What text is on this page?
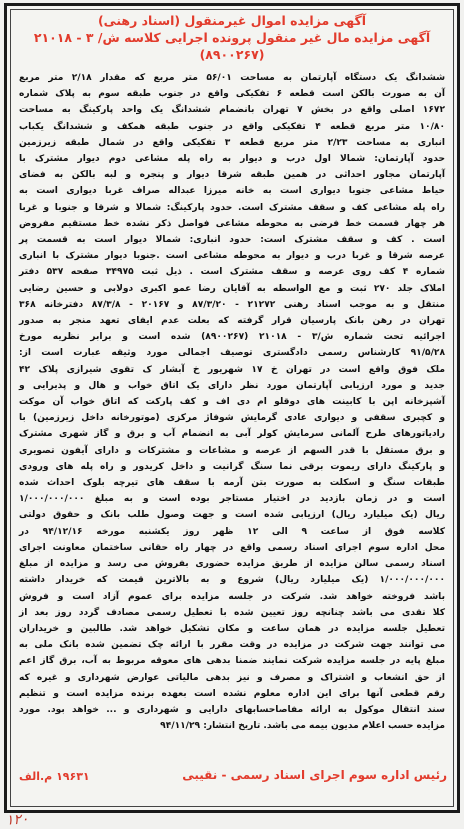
آگهی مزایده اموال غیرمنقول (اسناد رهنی)
آگهی مزایده مال غیر منقول پرونده اجرایی کلاسه ش/ ۳ - ۲۱۰۱۸
(۸۹۰۰۲۶۷)
ششدانگ یک دستگاه آپارتمان به مساحت ۵۶/۰۱ متر مربع که مقدار ۲/۱۸ متر مربع
آن به صورت بالکن است قطعه ۶ تفکیکی واقع در جنوب طبقه سوم به پلاک شماره
۱۶۷۲ اصلی واقع در بخش ۷ تهران بانضمام ششدانگ یک واحد پارکینگ به مساحت
۱۰/۸۰ متر مربع قطعه ۴ تفکیکی واقع در جنوب طبقه همکف و ششدانگ یکباب
انباری به مساحت ۲/۲۳ متر مربع قطعه ۳ تفکیکی واقع در شمال طبقه زیرزمین
حدود آپارتمان: شمالا اول درب و دیوار به راه پله مشاعی دوم دیوار مشترک با
آپارتمان مجاور احداثی در همین طبقه شرقا دیوار و پنجره و لبه بالکن به فضای
حیاط مشاعی جنوبا دیواری است به خانه میرزا عبداله صراف غربا دیواری است به
راه پله مشاعی کف و سقف مشترک است. حدود پارکینگ: شمالا و شرقا و جنوبا و غربا
هر چهار قسمت خط فرضی به محوطه مشاعی فواصل ذکر نشده خط مستقیم مفروض
است . کف و سقف مشترک است: حدود انباری: شمالا دیوار است به قسمت پر
عرصه شرقا و غربا درب و دیوار به محوطه مشاعی است .جنوبا دیوار مشترک با انباری
شماره ۴ کف روی عرصه و سقف مشترک است . ذیل ثبت ۳۴۹۷۵ صفحه ۵۳۷ دفتر
املاک جلد ۲۷۰ ثبت و مع الواسطه به آقایان رضا عمو اکبری دولابی و حسین رضایی
منتقل و به موجب اسناد رهنی ۲۱۲۷۲ - ۸۷/۳/۲۰ و ۲۰۱۶۷ - ۸۷/۳/۸ دفترخانه ۳۶۸
تهران در رهن بانک پارسیان قرار گرفته که بعلت عدم ایفای تعهد منجر به صدور
اجرائیه تحت شماره ش/۳ - ۲۱۰۱۸ (۸۹۰۰۲۶۷) شده است و برابر نظریه مورخ
۹۱/۵/۲۸ کارشناس رسمی دادگستری توصیف اجمالی مورد وثیقه عبارت است از:
ملک فوق واقع است در تهران خ ۱۷ شهریور خ آبشار ک تقوی شیرازی پلاک ۴۲
جدید و مورد ارزیابی آپارتمان مورد نظر دارای یک اتاق خواب و هال و پذیرایی و
آشپزخانه اپن با کابینت های دوقلو ام دی اف و کف پارکت که اتاق خواب آن موکت
و کچبری سقفی و دیواری عادی گرمایش شوفاژ مرکزی (موتورخانه داخل زیرزمین) با
رادیاتورهای طرح آلمانی سرمایش کولر آبی به انضمام آب و برق و گاز شهری مشترک
و برق مستقل با قدر السهم از عرصه و مشاعات و مشترکات و دارای آیفون تصویری
و پارکینگ دارای ریموت برقی نما سنگ گرانیت و داخل کریدور و راه پله های ورودی
طبقات سنگ و اسکلت به صورت بتن آرمه با سقف های تیرچه بلوک احداث شده
است و در زمان بازدید در اختیار مستاجر بوده است و به مبلغ ۱/۰۰۰/۰۰۰/۰۰۰
ریال (یک میلیارد ریال) ارزیابی شده است و جهت وصول طلب بانک و حقوق دولتی
کلاسه فوق از ساعت ۹ الی ۱۲ ظهر روز یکشنبه مورخه ۹۴/۱۲/۱۶ در
محل اداره سوم اجرای اسناد رسمی واقع در چهار راه حقانی ساختمان معاونت اجرای
اسناد رسمی سالن مزایده از طریق مزایده حضوری بفروش می رسد و مزایده از مبلغ
۱/۰۰۰/۰۰۰/۰۰۰ (یک میلیارد ریال) شروع و به بالاترین قیمت که خریدار داشته
باشد فروخته خواهد شد. شرکت در جلسه مزایده برای عموم آزاد است و فروش
کلا نقدی می باشد چنانچه روز تعیین شده با تعطیل رسمی مصادف گردد روز بعد از
تعطیل جلسه مزایده در همان ساعت و مکان تشکیل خواهد شد. طالبین و خریداران
می توانند جهت شرکت در مزایده در وقت مقرر با ارائه چک تضمین شده بانک ملی به
مبلغ پایه در جلسه مزایده شرکت نمایند ضمنا بدهی های معوقه مربوط به آب، برق گاز اعم
از حق انشعاب و اشتراک و مصرف و نیز بدهی مالیاتی عوارض شهرداری و غیره که
رقم قطعی آنها برای این اداره معلوم نشده است بعهده برنده مزایده است و تنظیم
سند انتقال موکول به ارائه مفاصاحسابهای دارایی و شهرداری و ... خواهد بود. مورد
مزایده حسب اعلام مدیون بیمه می باشد. تاریخ انتشار: ۹۴/۱۱/۲۹
رئیس اداره سوم اجرای اسناد رسمی - نقیبی
۱۹۶۳۱ م.الف
۱۲۰
